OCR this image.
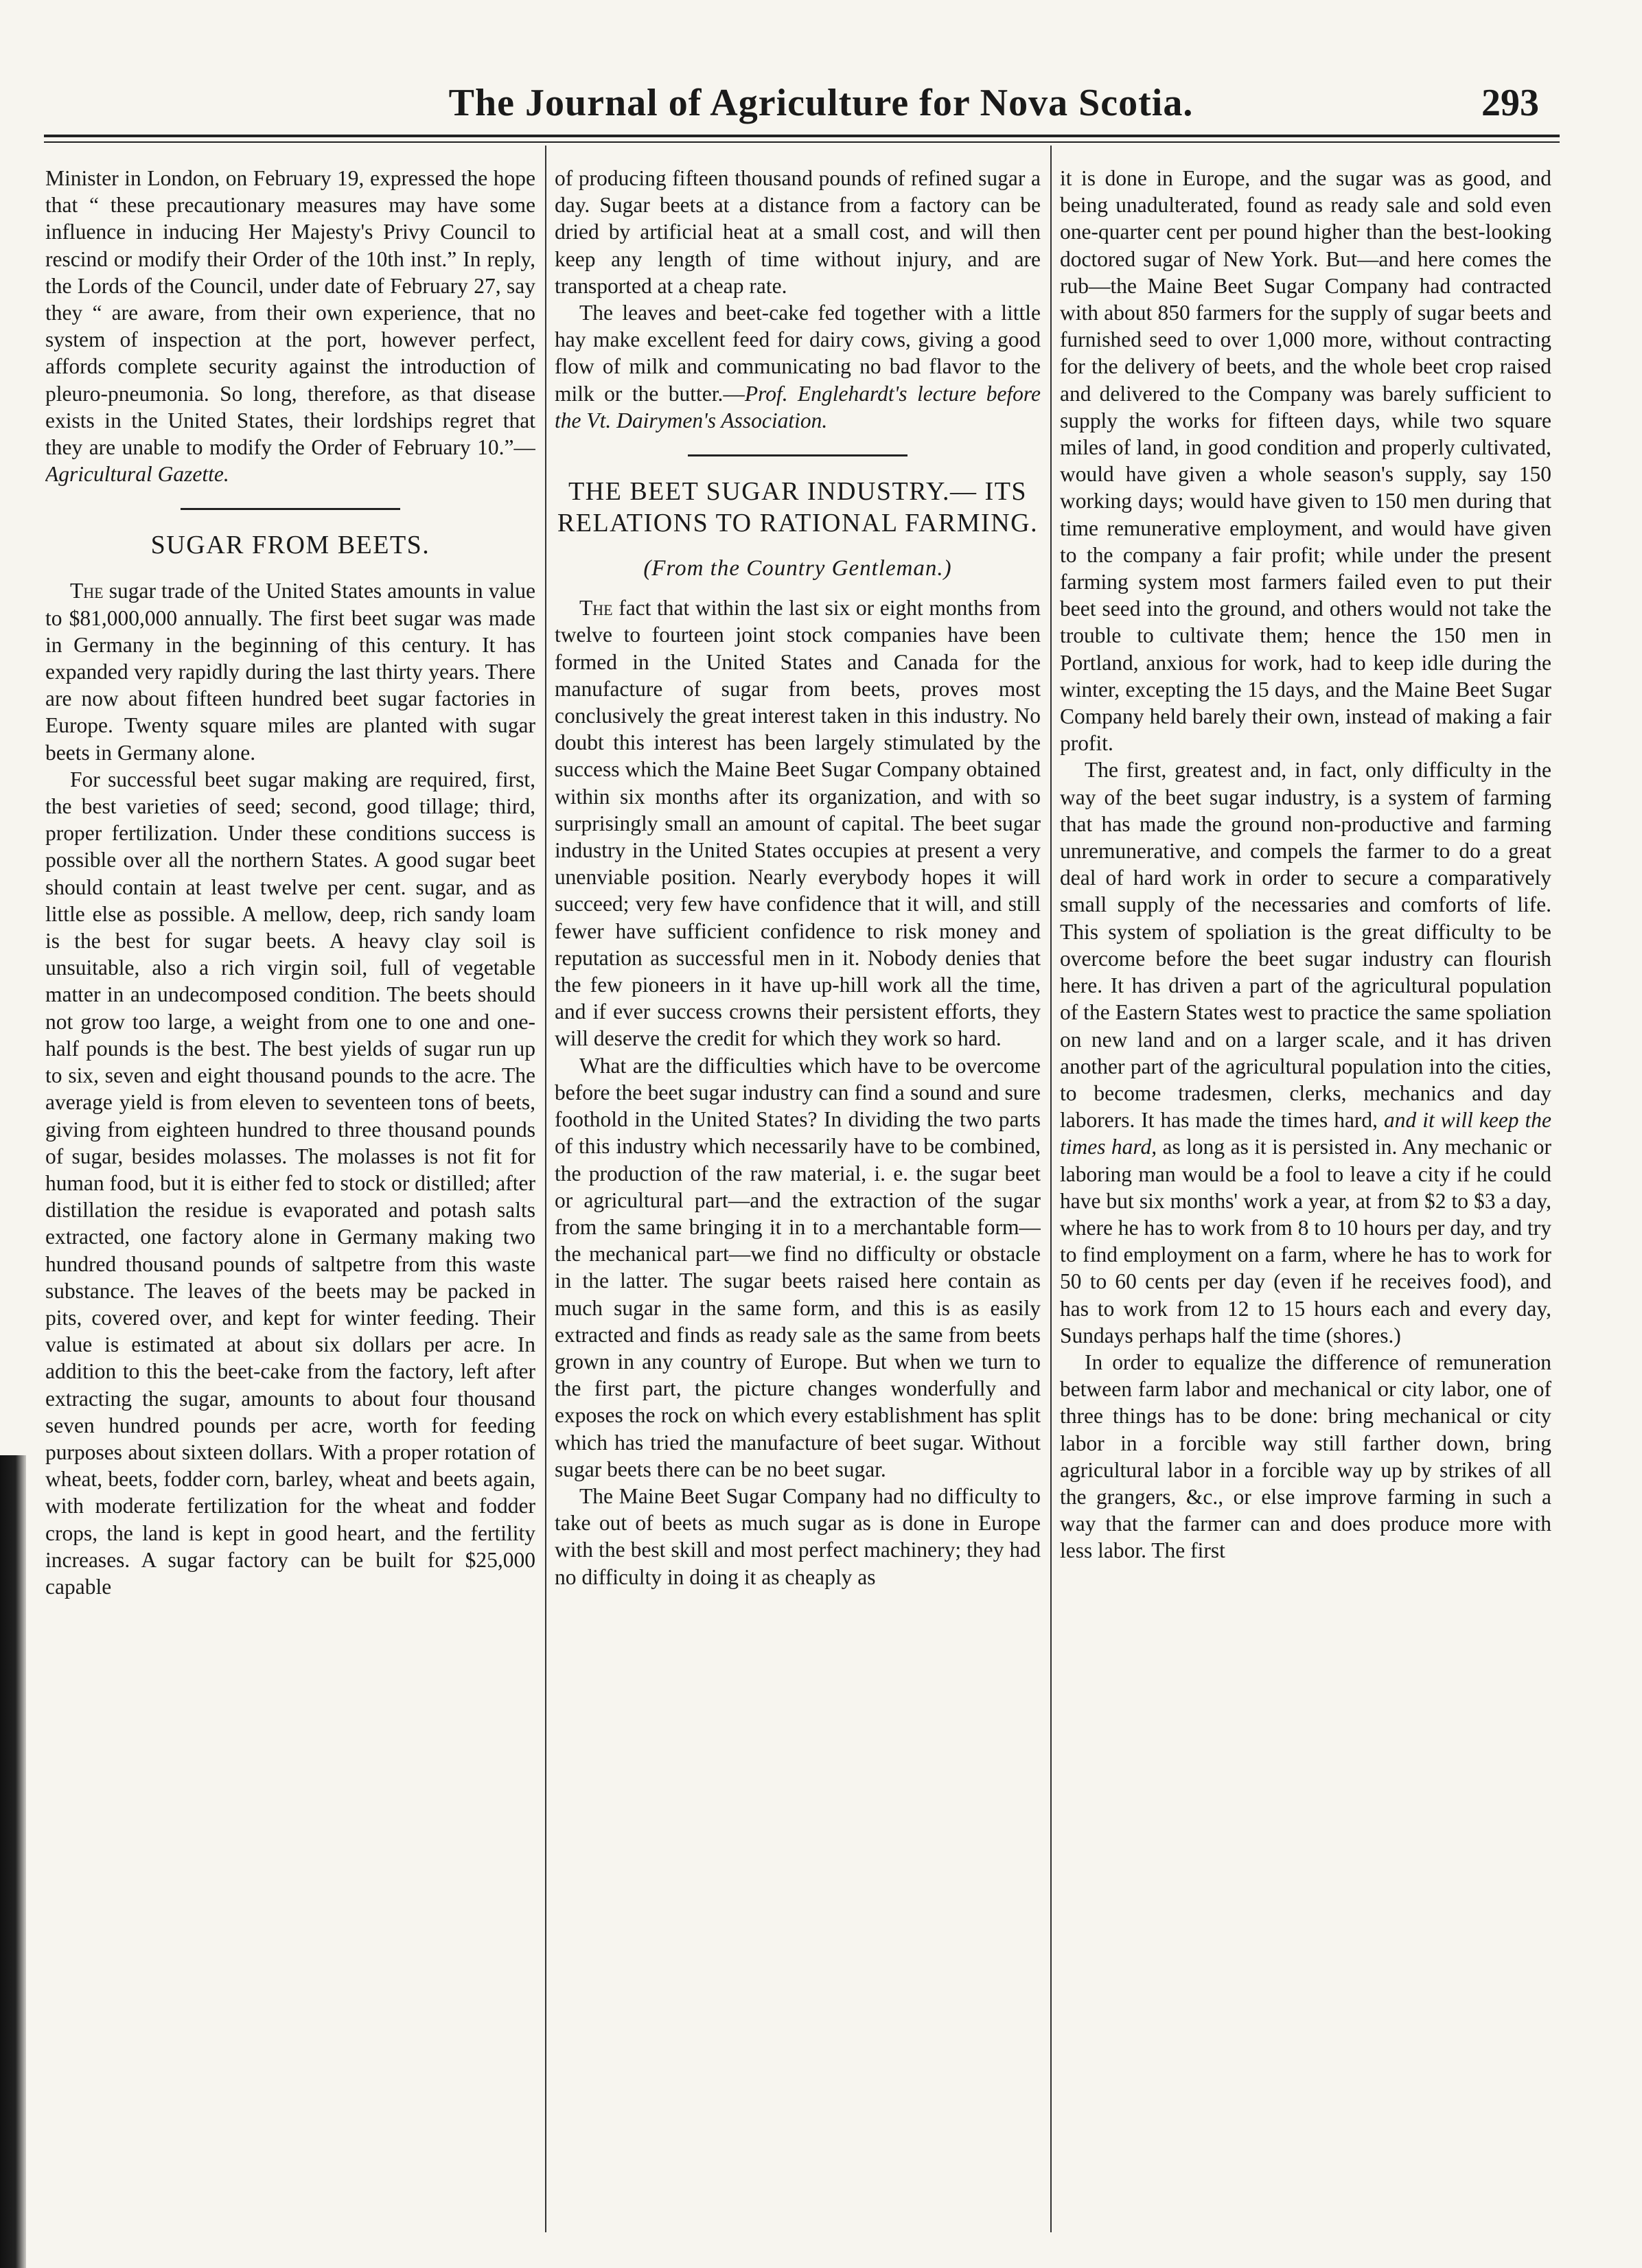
The Journal of Agriculture for Nova Scotia.	293

Minister in London, on February 19, expressed the hope that “ these precautionary measures may have some influence in inducing Her Majesty's Privy Council to rescind or modify their Order of the 10th inst.” In reply, the Lords of the Council, under date of February 27, say they “ are aware, from their own experience, that no system of inspection at the port, however perfect, affords complete security against the introduction of pleuro-pneumonia. So long, therefore, as that disease exists in the United States, their lordships regret that they are unable to modify the Order of February 10.”—Agricultural Gazette.

SUGAR FROM BEETS.

The sugar trade of the United States amounts in value to $81,000,000 annually. The first beet sugar was made in Germany in the beginning of this century. It has expanded very rapidly during the last thirty years. There are now about fifteen hundred beet sugar factories in Europe. Twenty square miles are planted with sugar beets in Germany alone.

For successful beet sugar making are required, first, the best varieties of seed; second, good tillage; third, proper fertilization. Under these conditions success is possible over all the northern States. A good sugar beet should contain at least twelve per cent. sugar, and as little else as possible. A mellow, deep, rich sandy loam is the best for sugar beets. A heavy clay soil is unsuitable, also a rich virgin soil, full of vegetable matter in an undecomposed condition. The beets should not grow too large, a weight from one to one and one-half pounds is the best. The best yields of sugar run up to six, seven and eight thousand pounds to the acre. The average yield is from eleven to seventeen tons of beets, giving from eighteen hundred to three thousand pounds of sugar, besides molasses. The molasses is not fit for human food, but it is either fed to stock or distilled; after distillation the residue is evaporated and potash salts extracted, one factory alone in Germany making two hundred thousand pounds of saltpetre from this waste substance. The leaves of the beets may be packed in pits, covered over, and kept for winter feeding. Their value is estimated at about six dollars per acre. In addition to this the beet-cake from the factory, left after extracting the sugar, amounts to about four thousand seven hundred pounds per acre, worth for feeding purposes about sixteen dollars. With a proper rotation of wheat, beets, fodder corn, barley, wheat and beets again, with moderate fertilization for the wheat and fodder crops, the land is kept in good heart, and the fertility increases. A sugar factory can be built for $25,000 capable

of producing fifteen thousand pounds of refined sugar a day. Sugar beets at a distance from a factory can be dried by artificial heat at a small cost, and will then keep any length of time without injury, and are transported at a cheap rate.

The leaves and beet-cake fed together with a little hay make excellent feed for dairy cows, giving a good flow of milk and communicating no bad flavor to the milk or the butter.—Prof. Englehardt's lecture before the Vt. Dairymen's Association.

THE BEET SUGAR INDUSTRY.— ITS RELATIONS TO RATIONAL FARMING.
(From the Country Gentleman.)

The fact that within the last six or eight months from twelve to fourteen joint stock companies have been formed in the United States and Canada for the manufacture of sugar from beets, proves most conclusively the great interest taken in this industry. No doubt this interest has been largely stimulated by the success which the Maine Beet Sugar Company obtained within six months after its organization, and with so surprisingly small an amount of capital. The beet sugar industry in the United States occupies at present a very unenviable position. Nearly everybody hopes it will succeed; very few have confidence that it will, and still fewer have sufficient confidence to risk money and reputation as successful men in it. Nobody denies that the few pioneers in it have up-hill work all the time, and if ever success crowns their persistent efforts, they will deserve the credit for which they work so hard.

What are the difficulties which have to be overcome before the beet sugar industry can find a sound and sure foothold in the United States? In dividing the two parts of this industry which necessarily have to be combined, the production of the raw material, i. e. the sugar beet or agricultural part—and the extraction of the sugar from the same bringing it in to a merchantable form—the mechanical part—we find no difficulty or obstacle in the latter. The sugar beets raised here contain as much sugar in the same form, and this is as easily extracted and finds as ready sale as the same from beets grown in any country of Europe. But when we turn to the first part, the picture changes wonderfully and exposes the rock on which every establishment has split which has tried the manufacture of beet sugar. Without sugar beets there can be no beet sugar.

The Maine Beet Sugar Company had no difficulty to take out of beets as much sugar as is done in Europe with the best skill and most perfect machinery; they had no difficulty in doing it as cheaply as

it is done in Europe, and the sugar was as good, and being unadulterated, found as ready sale and sold even one-quarter cent per pound higher than the best-looking doctored sugar of New York. But—and here comes the rub—the Maine Beet Sugar Company had contracted with about 850 farmers for the supply of sugar beets and furnished seed to over 1,000 more, without contracting for the delivery of beets, and the whole beet crop raised and delivered to the Company was barely sufficient to supply the works for fifteen days, while two square miles of land, in good condition and properly cultivated, would have given a whole season's supply, say 150 working days; would have given to 150 men during that time remunerative employment, and would have given to the company a fair profit; while under the present farming system most farmers failed even to put their beet seed into the ground, and others would not take the trouble to cultivate them; hence the 150 men in Portland, anxious for work, had to keep idle during the winter, excepting the 15 days, and the Maine Beet Sugar Company held barely their own, instead of making a fair profit.

The first, greatest and, in fact, only difficulty in the way of the beet sugar industry, is a system of farming that has made the ground non-productive and farming unremunerative, and compels the farmer to do a great deal of hard work in order to secure a comparatively small supply of the necessaries and comforts of life. This system of spoliation is the great difficulty to be overcome before the beet sugar industry can flourish here. It has driven a part of the agricultural population of the Eastern States west to practice the same spoliation on new land and on a larger scale, and it has driven another part of the agricultural population into the cities, to become tradesmen, clerks, mechanics and day laborers. It has made the times hard, and it will keep the times hard, as long as it is persisted in. Any mechanic or laboring man would be a fool to leave a city if he could have but six months' work a year, at from $2 to $3 a day, where he has to work from 8 to 10 hours per day, and try to find employment on a farm, where he has to work for 50 to 60 cents per day (even if he receives food), and has to work from 12 to 15 hours each and every day, Sundays perhaps half the time (shores.)

In order to equalize the difference of remuneration between farm labor and mechanical or city labor, one of three things has to be done: bring mechanical or city labor in a forcible way still farther down, bring agricultural labor in a forcible way up by strikes of all the grangers, &c., or else improve farming in such a way that the farmer can and does produce more with less labor. The first
